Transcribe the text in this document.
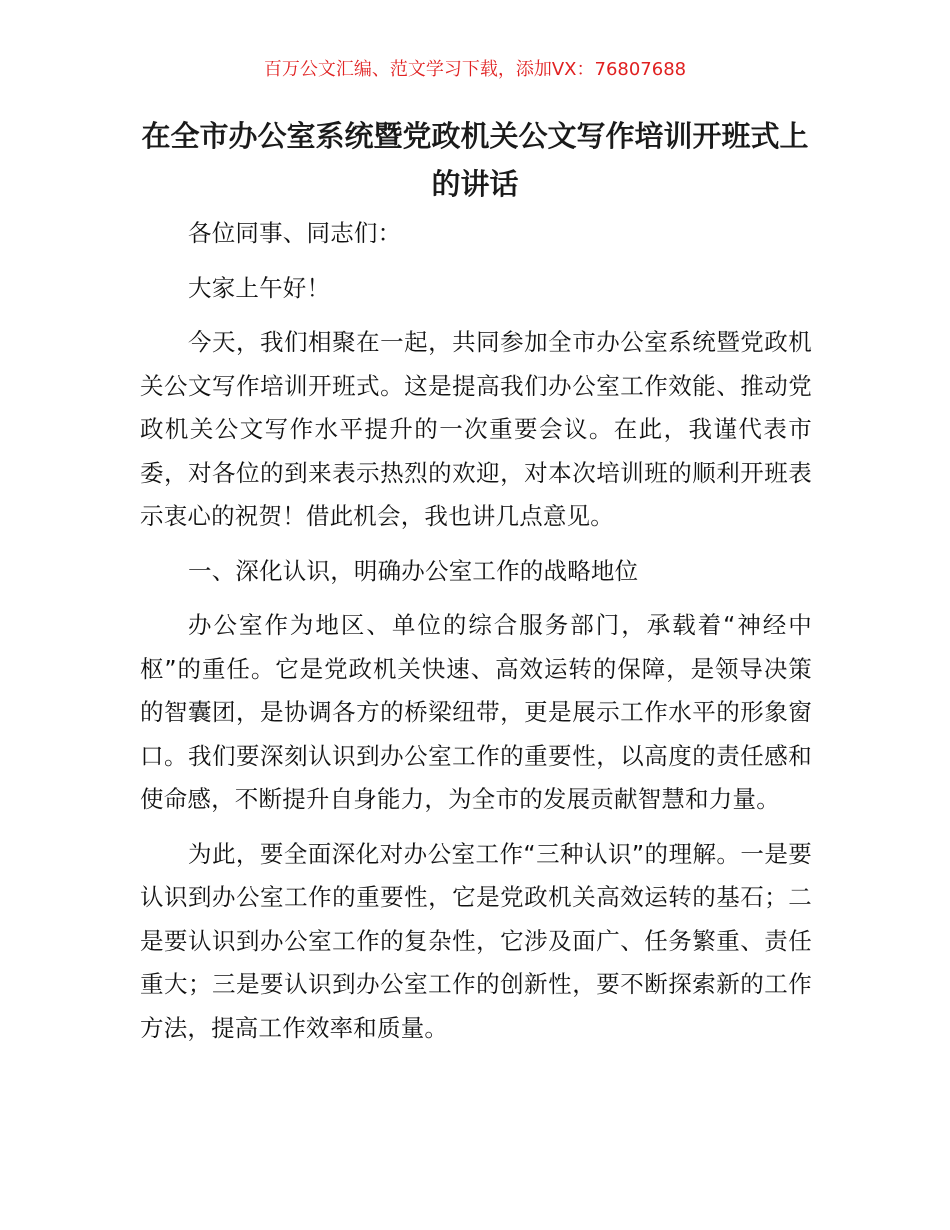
百万公文汇编、范文学习下载，添加VX：76807688
在全市办公室系统暨党政机关公文写作培训开班式上的讲话

各位同事、同志们：

大家上午好！

今天，我们相聚在一起，共同参加全市办公室系统暨党政机关公文写作培训开班式。这是提高我们办公室工作效能、推动党政机关公文写作水平提升的一次重要会议。在此，我谨代表市委，对各位的到来表示热烈的欢迎，对本次培训班的顺利开班表示衷心的祝贺！借此机会，我也讲几点意见。

一、深化认识，明确办公室工作的战略地位

办公室作为地区、单位的综合服务部门，承载着“神经中枢”的重任。它是党政机关快速、高效运转的保障，是领导决策的智囊团，是协调各方的桥梁纽带，更是展示工作水平的形象窗口。我们要深刻认识到办公室工作的重要性，以高度的责任感和使命感，不断提升自身能力，为全市的发展贡献智慧和力量。

为此，要全面深化对办公室工作“三种认识”的理解。一是要认识到办公室工作的重要性，它是党政机关高效运转的基石；二是要认识到办公室工作的复杂性，它涉及面广、任务繁重、责任重大；三是要认识到办公室工作的创新性，要不断探索新的工作方法，提高工作效率和质量。
